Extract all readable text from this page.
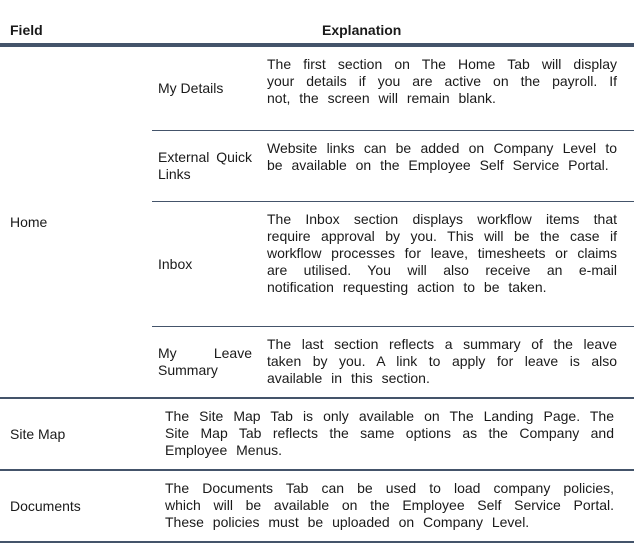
Field	Explanation
Home
My Details
The first section on The Home Tab will display your details if you are active on the payroll. If not, the screen will remain blank.
External Quick Links
Website links can be added on Company Level to be available on the Employee Self Service Portal.
Inbox
The Inbox section displays workflow items that require approval by you. This will be the case if workflow processes for leave, timesheets or claims are utilised. You will also receive an e-mail notification requesting action to be taken.
My Leave Summary
The last section reflects a summary of the leave taken by you. A link to apply for leave is also available in this section.
Site Map
The Site Map Tab is only available on The Landing Page. The Site Map Tab reflects the same options as the Company and Employee Menus.
Documents
The Documents Tab can be used to load company policies, which will be available on the Employee Self Service Portal. These policies must be uploaded on Company Level.
